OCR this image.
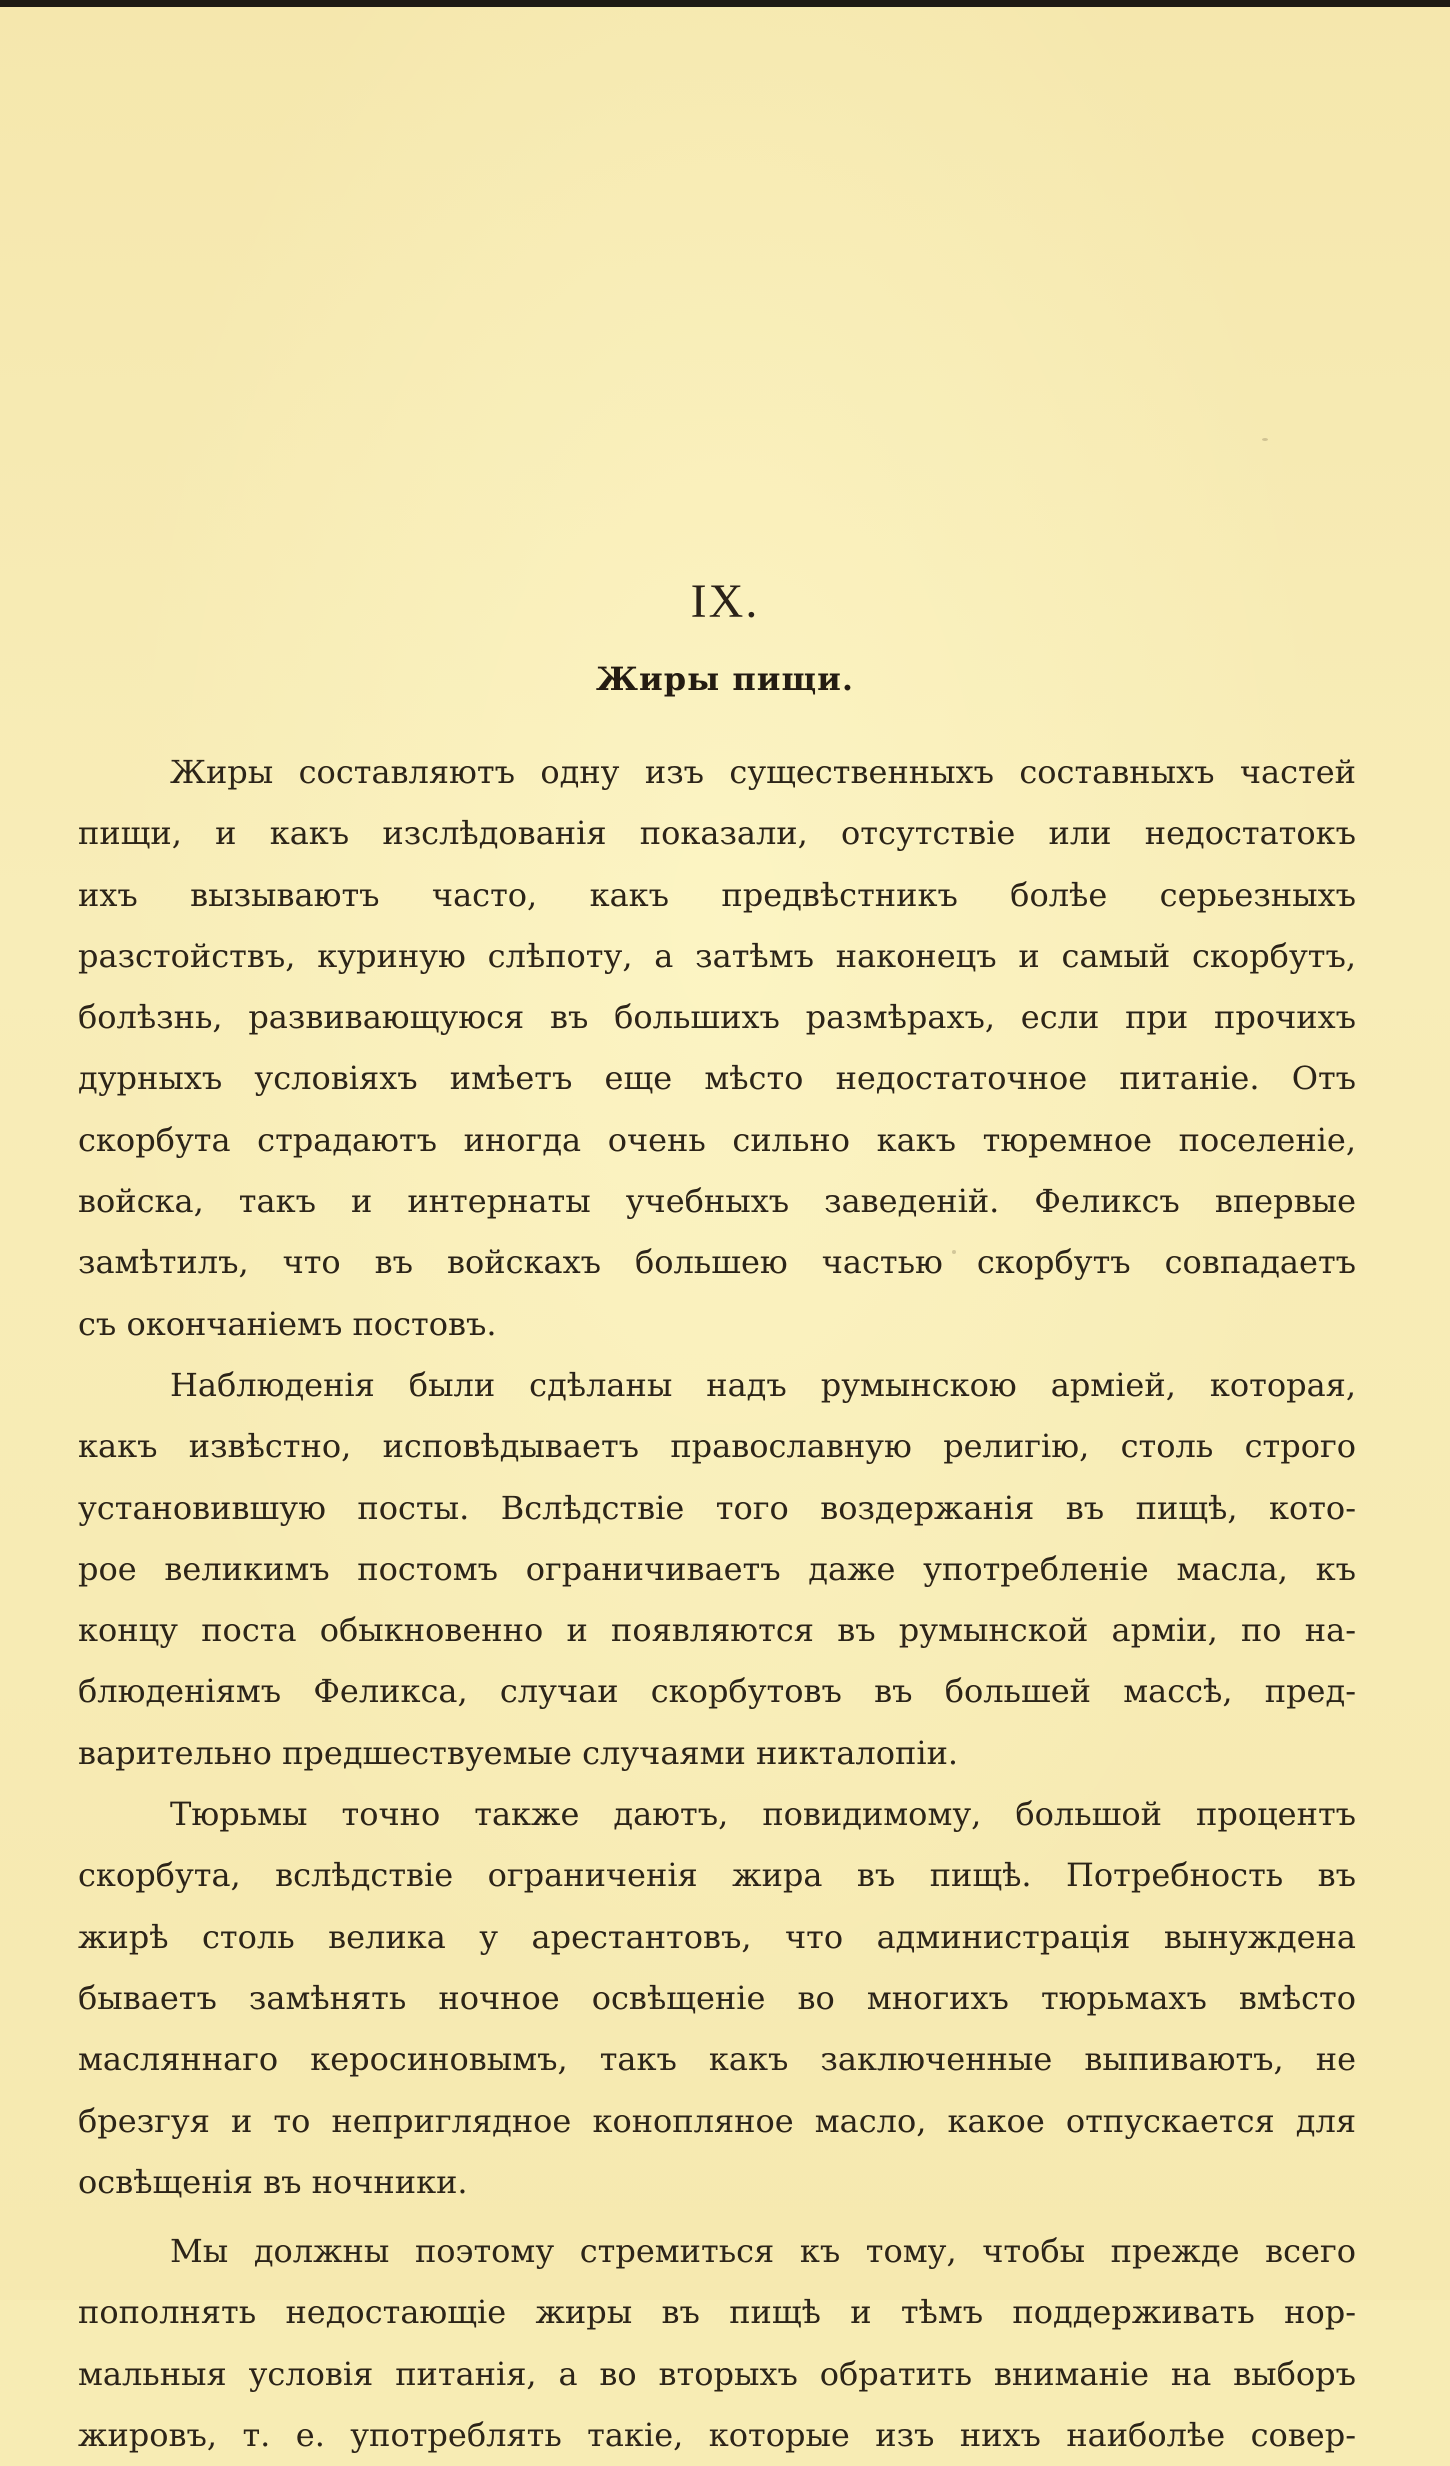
IX.
Жиры пищи.
Жиры составляютъ одну изъ существенныхъ составныхъ частей
пищи, и какъ изслѣдованія показали, отсутствіе или недостатокъ
ихъ вызываютъ часто, какъ предвѣстникъ болѣе серьезныхъ
разстойствъ, куриную слѣпоту, а затѣмъ наконецъ и самый скорбутъ,
болѣзнь, развивающуюся въ большихъ размѣрахъ, если при прочихъ
дурныхъ условіяхъ имѣетъ еще мѣсто недостаточное питаніе. Отъ
скорбута страдаютъ иногда очень сильно какъ тюремное поселеніе,
войска, такъ и интернаты учебныхъ заведеній. Феликсъ впервые
замѣтилъ, что въ войскахъ большею частью скорбутъ совпадаетъ
съ окончаніемъ постовъ.
Наблюденія были сдѣланы надъ румынскою арміей, которая,
какъ извѣстно, исповѣдываетъ православную религію, столь строго
установившую посты. Вслѣдствіе того воздержанія въ пищѣ, кото-
рое великимъ постомъ ограничиваетъ даже употребленіе масла, къ
концу поста обыкновенно и появляются въ румынской арміи, по на-
блюденіямъ Феликса, случаи скорбутовъ въ большей массѣ, пред-
варительно предшествуемые случаями никталопіи.
Тюрьмы точно также даютъ, повидимому, большой процентъ
скорбута, вслѣдствіе ограниченія жира въ пищѣ. Потребность въ
жирѣ столь велика у арестантовъ, что администрація вынуждена
бываетъ замѣнять ночное освѣщеніе во многихъ тюрьмахъ вмѣсто
масляннаго керосиновымъ, такъ какъ заключенные выпиваютъ, не
брезгуя и то неприглядное конопляное масло, какое отпускается для
освѣщенія въ ночники.
Мы должны поэтому стремиться къ тому, чтобы прежде всего
пополнять недостающіе жиры въ пищѣ и тѣмъ поддерживать нор-
мальныя условія питанія, а во вторыхъ обратить вниманіе на выборъ
жировъ, т. е. употреблять такіе, которые изъ нихъ наиболѣе совер-
